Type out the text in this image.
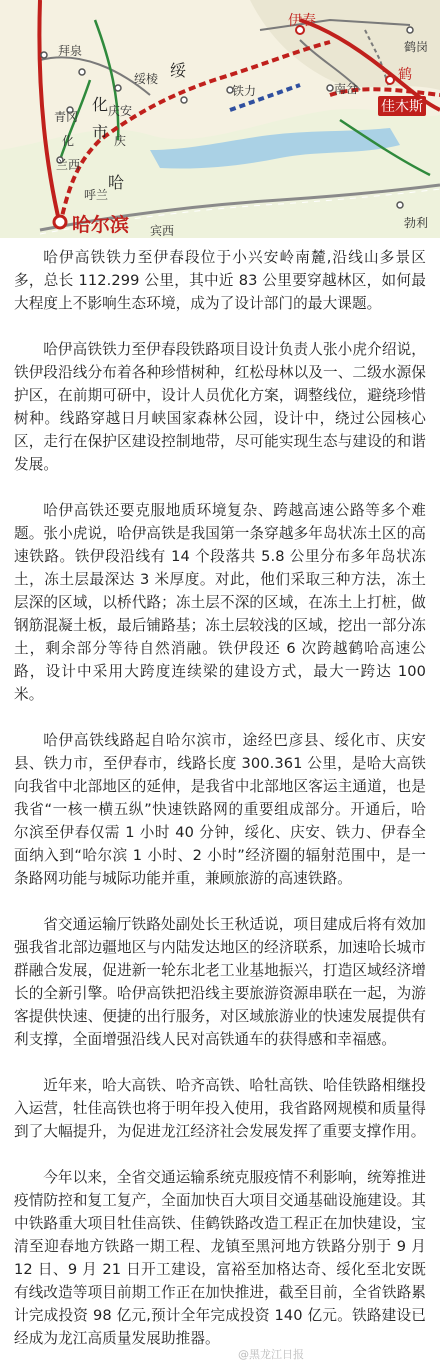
拜泉
绥棱 绥
市
化 庆安
青冈
兰西
呼兰
哈
哈尔滨
伊春
铁力	南岔
鹤岗
鹤
佳木斯
勃利
宾西
化	庆

哈伊高铁铁力至伊春段位于小兴安岭南麓,沿线山多景区多，总长 112.299 公里，其中近 83 公里要穿越林区，如何最大程度上不影响生态环境，成为了设计部门的最大课题。

哈伊高铁铁力至伊春段铁路项目设计负责人张小虎介绍说，铁伊段沿线分布着各种珍惜树种，红松母林以及一、二级水源保护区，在前期可研中，设计人员优化方案，调整线位，避绕珍惜树种。线路穿越日月峡国家森林公园，设计中，绕过公园核心区，走行在保护区建设控制地带，尽可能实现生态与建设的和谐发展。

哈伊高铁还要克服地质环境复杂、跨越高速公路等多个难题。张小虎说，哈伊高铁是我国第一条穿越多年岛状冻土区的高速铁路。铁伊段沿线有 14 个段落共 5.8 公里分布多年岛状冻土，冻土层最深达 3 米厚度。对此，他们采取三种方法，冻土层深的区域，以桥代路；冻土层不深的区域，在冻土上打桩，做钢筋混凝土板，最后铺路基；冻土层较浅的区域，挖出一部分冻土，剩余部分等待自然消融。铁伊段还 6 次跨越鹤哈高速公路，设计中采用大跨度连续梁的建设方式，最大一跨达 100 米。

哈伊高铁线路起自哈尔滨市，途经巴彦县、绥化市、庆安县、铁力市，至伊春市，线路长度 300.361 公里，是哈大高铁向我省中北部地区的延伸，是我省中北部地区客运主通道，也是我省“一核一横五纵”快速铁路网的重要组成部分。开通后，哈尔滨至伊春仅需 1 小时 40 分钟，绥化、庆安、铁力、伊春全面纳入到“哈尔滨 1 小时、2 小时”经济圈的辐射范围中，是一条路网功能与城际功能并重，兼顾旅游的高速铁路。

省交通运输厅铁路处副处长王秋适说，项目建成后将有效加强我省北部边疆地区与内陆发达地区的经济联系，加速哈长城市群融合发展，促进新一轮东北老工业基地振兴，打造区域经济增长的全新引擎。哈伊高铁把沿线主要旅游资源串联在一起，为游客提供快速、便捷的出行服务，对区域旅游业的快速发展提供有利支撑，全面增强沿线人民对高铁通车的获得感和幸福感。

近年来，哈大高铁、哈齐高铁、哈牡高铁、哈佳铁路相继投入运营，牡佳高铁也将于明年投入使用，我省路网规模和质量得到了大幅提升，为促进龙江经济社会发展发挥了重要支撑作用。

今年以来，全省交通运输系统克服疫情不利影响，统筹推进疫情防控和复工复产，全面加快百大项目交通基础设施建设。其中铁路重大项目牡佳高铁、佳鹤铁路改造工程正在加快建设，宝清至迎春地方铁路一期工程、龙镇至黑河地方铁路分别于 9 月 12 日、9 月 21 日开工建设，富裕至加格达奇、绥化至北安既有线改造等项目前期工作正在加快推进，截至目前，全省铁路累计完成投资 98 亿元,预计全年完成投资 140 亿元。铁路建设已经成为龙江高质量发展助推器。

@黑龙江日报
